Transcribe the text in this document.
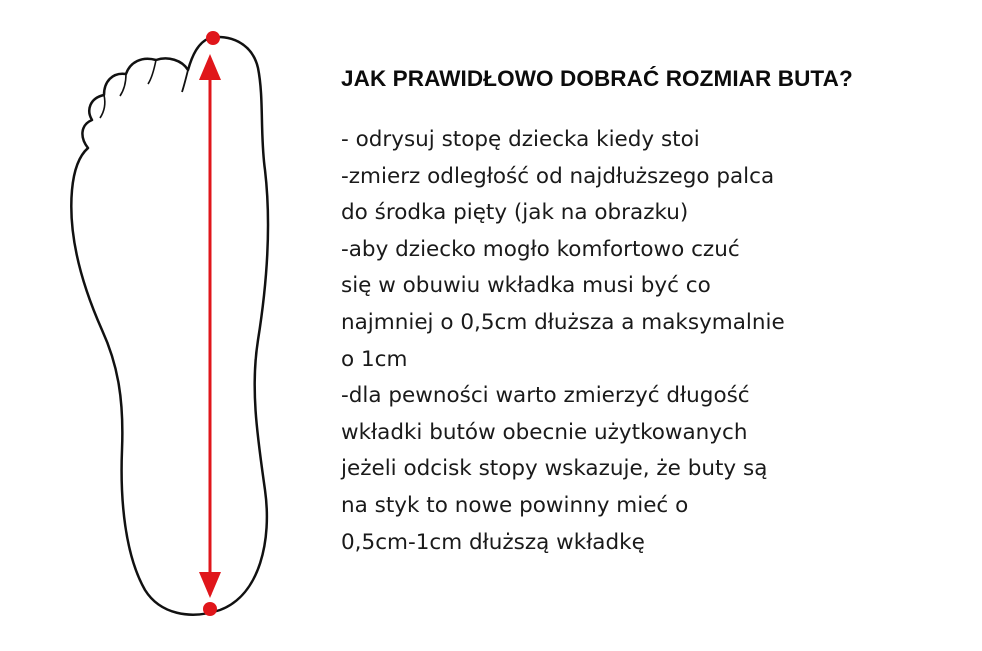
JAK PRAWIDŁOWO DOBRAĆ ROZMIAR BUTA?
- odrysuj stopę dziecka kiedy stoi
-zmierz odległość od najdłuższego palca
do środka pięty (jak na obrazku)
-aby dziecko mogło komfortowo czuć
się w obuwiu wkładka musi być co
najmniej o 0,5cm dłuższa a maksymalnie
o 1cm
-dla pewności warto zmierzyć długość
wkładki butów obecnie użytkowanych
jeżeli odcisk stopy wskazuje, że buty są
na styk to nowe powinny mieć o
0,5cm-1cm dłuższą wkładkę
